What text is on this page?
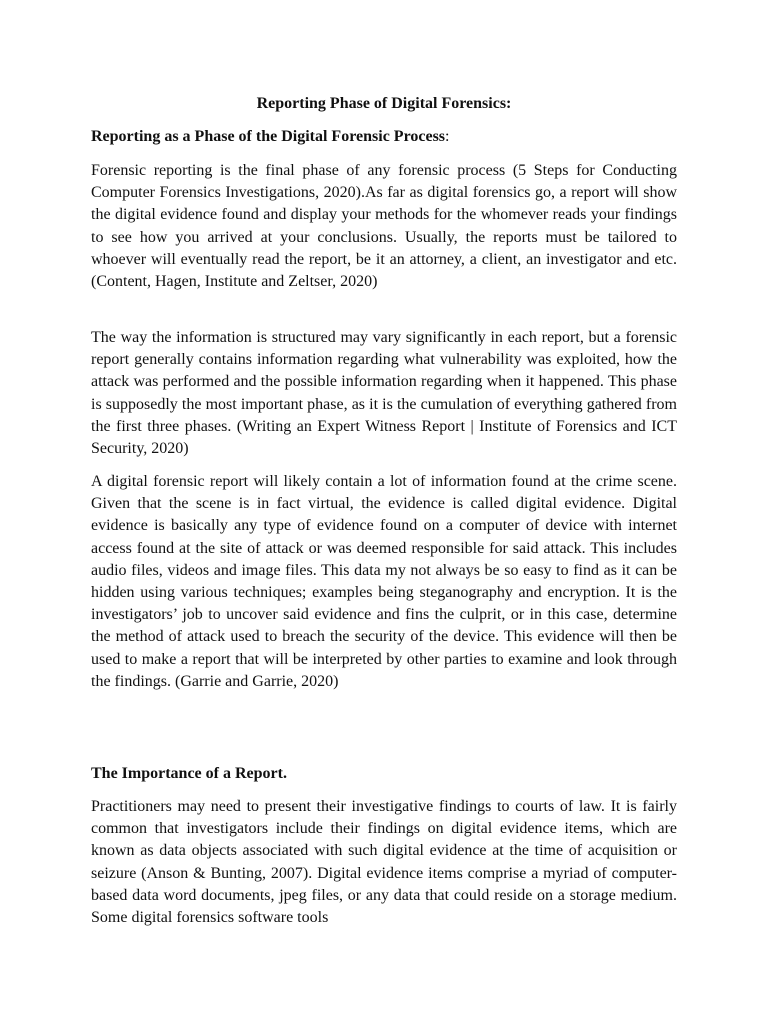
Reporting Phase of Digital Forensics:

Reporting as a Phase of the Digital Forensic Process:

Forensic reporting is the final phase of any forensic process (5 Steps for Conducting Computer Forensics Investigations, 2020).As far as digital forensics go, a report will show the digital evidence found and display your methods for the whomever reads your findings to see how you arrived at your conclusions. Usually, the reports must be tailored to whoever will eventually read the report, be it an attorney, a client, an investigator and etc. (Content, Hagen, Institute and Zeltser, 2020)

The way the information is structured may vary significantly in each report, but a forensic report generally contains information regarding what vulnerability was exploited, how the attack was performed and the possible information regarding when it happened. This phase is supposedly the most important phase, as it is the cumulation of everything gathered from the first three phases. (Writing an Expert Witness Report | Institute of Forensics and ICT Security, 2020)

A digital forensic report will likely contain a lot of information found at the crime scene. Given that the scene is in fact virtual, the evidence is called digital evidence. Digital evidence is basically any type of evidence found on a computer of device with internet access found at the site of attack or was deemed responsible for said attack. This includes audio files, videos and image files. This data my not always be so easy to find as it can be hidden using various techniques; examples being steganography and encryption. It is the investigators’ job to uncover said evidence and fins the culprit, or in this case, determine the method of attack used to breach the security of the device. This evidence will then be used to make a report that will be interpreted by other parties to examine and look through the findings. (Garrie and Garrie, 2020)

The Importance of a Report.

Practitioners may need to present their investigative findings to courts of law. It is fairly common that investigators include their findings on digital evidence items, which are known as data objects associated with such digital evidence at the time of acquisition or seizure (Anson & Bunting, 2007). Digital evidence items comprise a myriad of computer-based data word documents, jpeg files, or any data that could reside on a storage medium. Some digital forensics software tools
